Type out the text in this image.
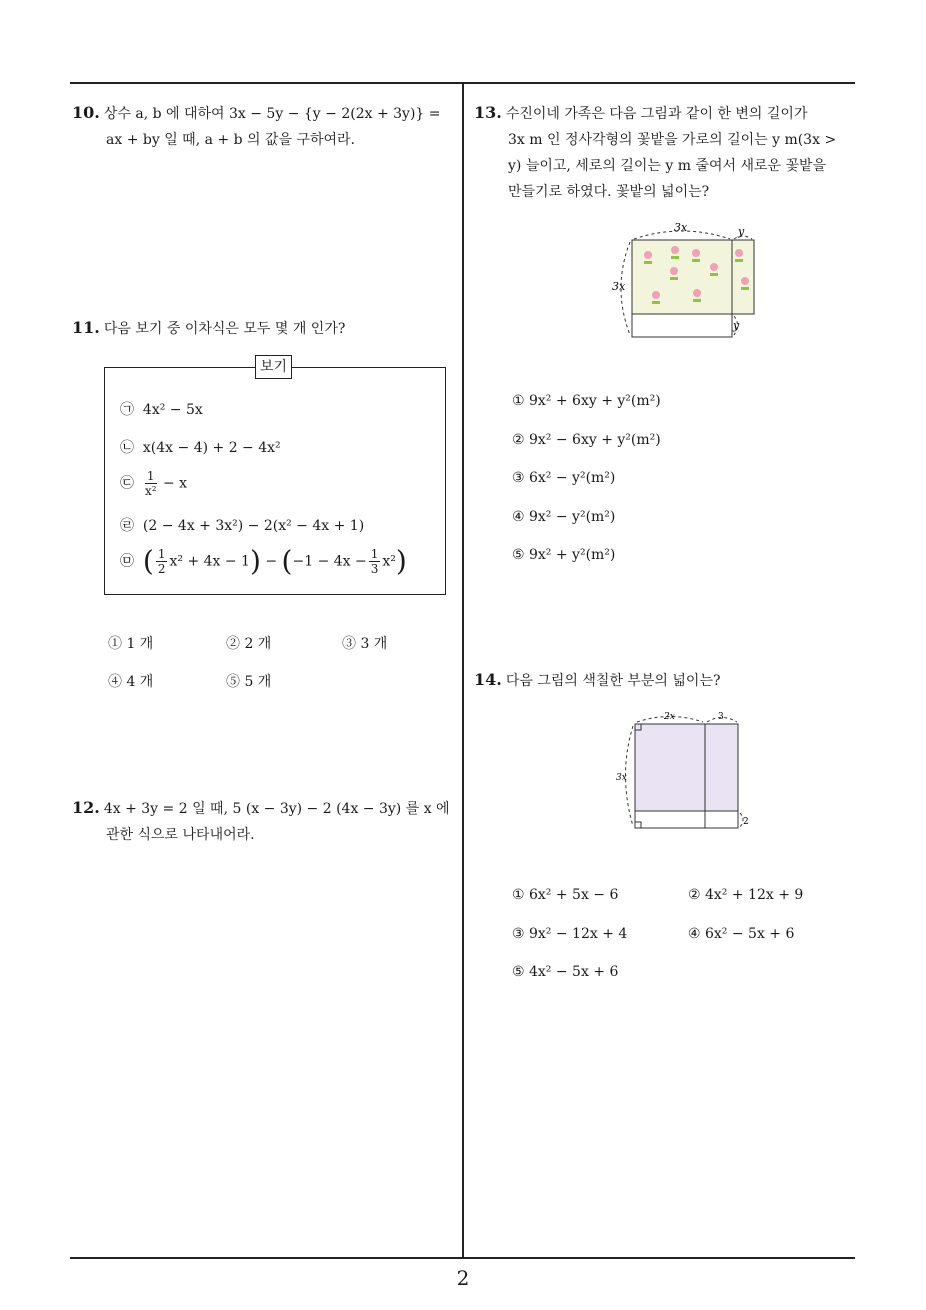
2
10. 상수 a, b 에 대하여 3x − 5y − {y − 2(2x + 3y)} =
ax + by 일 때, a + b 의 값을 구하여라.
11. 다음 보기 중 이차식은 모두 몇 개 인가?
보기
㉠ 4x² − 5x
㉡ x(4x − 4) + 2 − 4x²
㉢ $\frac{1}{\text{x²}} - x$
㉣ (2 − 4x + 3x²) − 2(x² − 4x + 1)
㉤ ( $\frac{1}{2} x^2 + 4x - 1) - (-1 - 4x - \frac{1}{3} x^2)$
① 1 개	② 2 개	③ 3 개
④ 4 개	⑤ 5 개
12. 4x + 3y = 2 일 때, 5 (x − 3y) − 2 (4x − 3y) 를 x 에
관한 식으로 나타내어라.
13. 수진이네 가족은 다음 그림과 같이 한 변의 길이가
3x m 인 정사각형의 꽃밭을 가로의 길이는 y m(3x >
y) 늘이고, 세로의 길이는 y m 줄여서 새로운 꽃밭을
만들기로 하였다. 꽃밭의 넓이는?
3x
3x
y
y
① 9x² + 6xy + y²(m²)
② 9x² − 6xy + y²(m²)
③ 6x² − y²(m²)
④ 9x² − y²(m²)
⑤ 9x² + y²(m²)
14. 다음 그림의 색칠한 부분의 넓이는?
2x	3
3x
2
① 6x² + 5x − 6	② 4x² + 12x + 9
③ 9x² − 12x + 4	④ 6x² − 5x + 6
⑤ 4x² − 5x + 6
